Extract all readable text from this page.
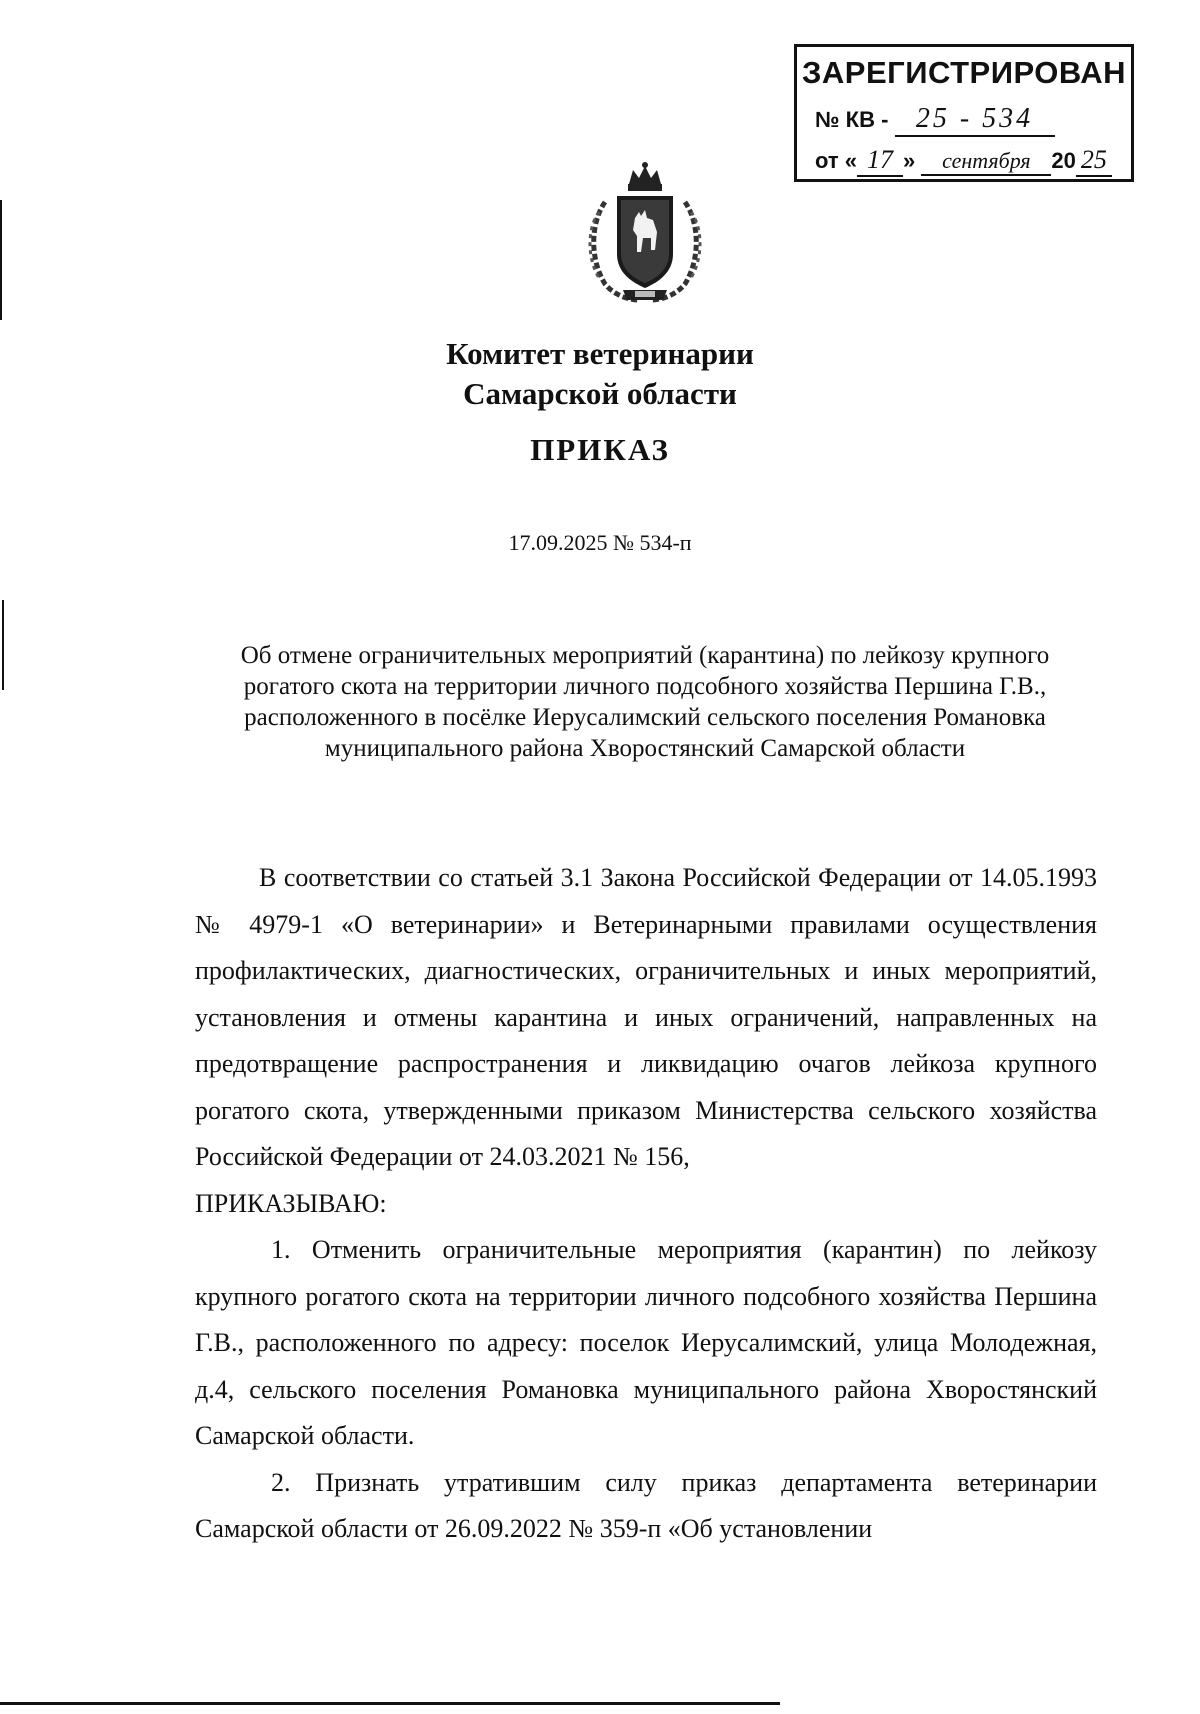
ЗАРЕГИСТРИРОВАН
№ КВ - 25 - 534
от « 17 » сентября 20 25
Комитет ветеринарии
Самарской области
ПРИКАЗ
17.09.2025 № 534-п
Об отмене ограничительных мероприятий (карантина) по лейкозу крупного
рогатого скота на территории личного подсобного хозяйства Першина Г.В.,
расположенного в посёлке Иерусалимский сельского поселения Романовка
муниципального района Хворостянский Самарской области

В соответствии со статьей 3.1 Закона Российской Федерации от 14.05.1993 № 4979-1 «О ветеринарии» и Ветеринарными правилами осуществления профилактических, диагностических, ограничительных и иных мероприятий, установления и отмены карантина и иных ограничений, направленных на предотвращение распространения и ликвидацию очагов лейкоза крупного рогатого скота, утвержденными приказом Министерства сельского хозяйства Российской Федерации от 24.03.2021 № 156,

ПРИКАЗЫВАЮ:

1. Отменить ограничительные мероприятия (карантин) по лейкозу крупного рогатого скота на территории личного подсобного хозяйства Першина Г.В., расположенного по адресу: поселок Иерусалимский, улица Молодежная, д.4, сельского поселения Романовка муниципального района Хворостянский Самарской области.

2. Признать утратившим силу приказ департамента ветеринарии Самарской области от 26.09.2022 № 359-п «Об установлении
